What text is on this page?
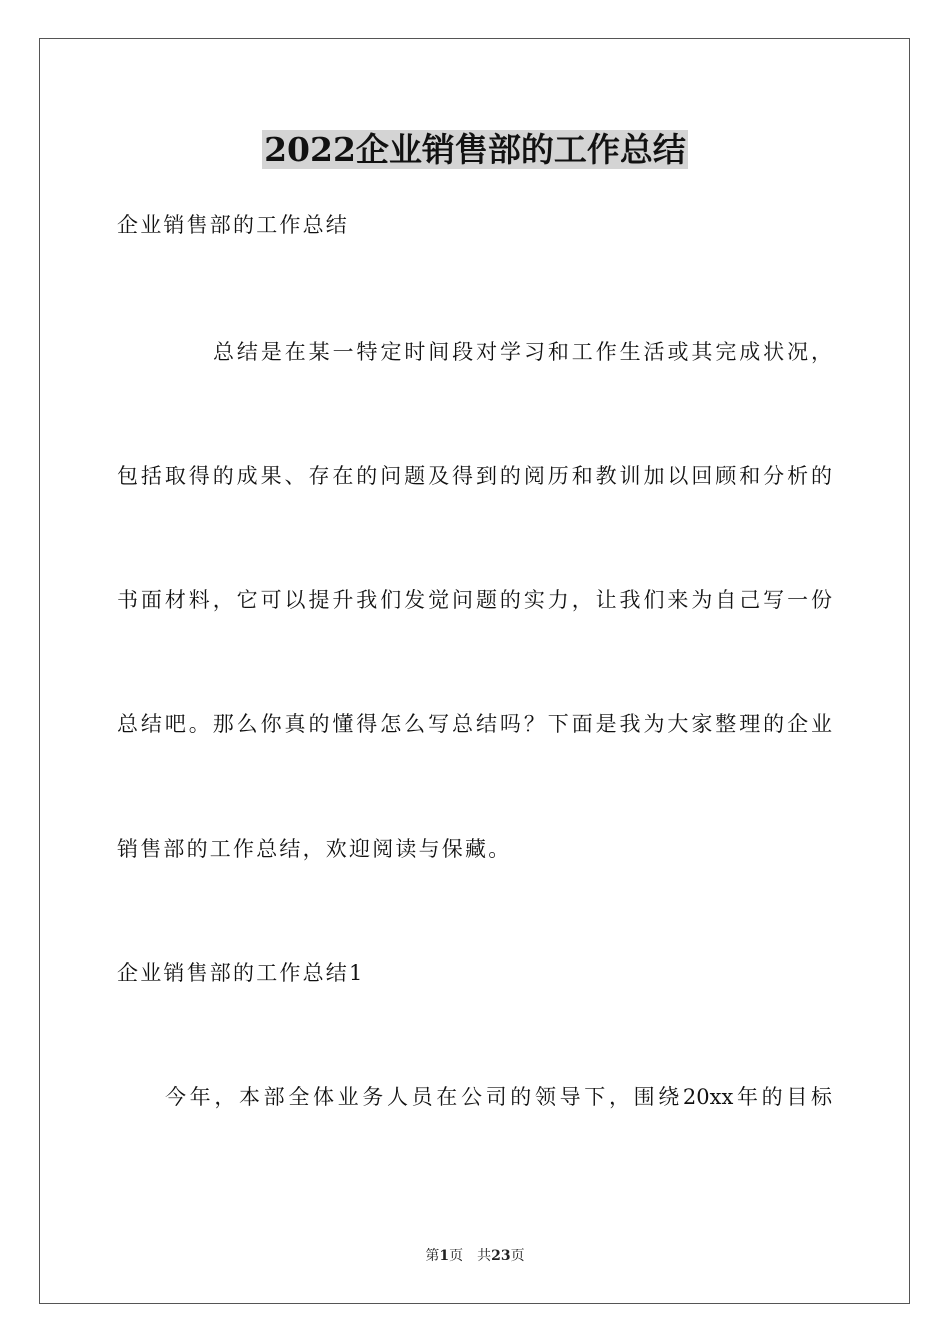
2022企业销售部的工作总结

企业销售部的工作总结

总结是在某一特定时间段对学习和工作生活或其完成状况，

包括取得的成果、存在的问题及得到的阅历和教训加以回顾和分析的

书面材料，它可以提升我们发觉问题的实力，让我们来为自己写一份

总结吧。那么你真的懂得怎么写总结吗？下面是我为大家整理的企业

销售部的工作总结，欢迎阅读与保藏。

企业销售部的工作总结1

今年，本部全体业务人员在公司的领导下，围绕20xx年的目标

第1页　共23页
